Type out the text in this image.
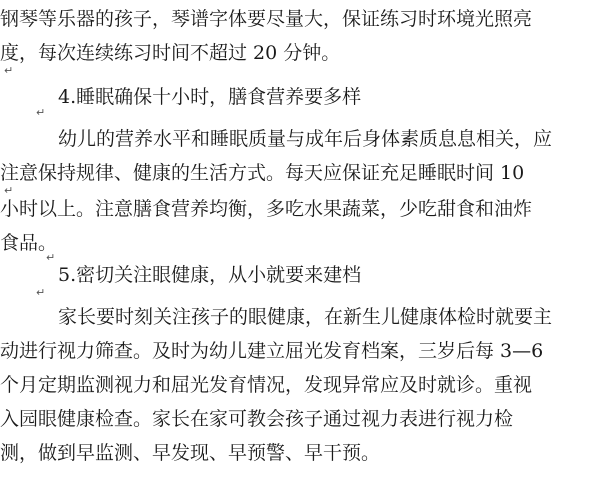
钢琴等乐器的孩子，琴谱字体要尽量大，保证练习时环境光照亮
度，每次连续练习时间不超过 20 分钟。
↵
4.睡眠确保十小时，膳食营养要多样
↵
幼儿的营养水平和睡眠质量与成年后身体素质息息相关，应
注意保持规律、健康的生活方式。每天应保证充足睡眠时间 10
↵
小时以上。注意膳食营养均衡，多吃水果蔬菜，少吃甜食和油炸
食品。
↵
5.密切关注眼健康，从小就要来建档
↵
家长要时刻关注孩子的眼健康，在新生儿健康体检时就要主
动进行视力筛查。及时为幼儿建立屈光发育档案，三岁后每 3—6
个月定期监测视力和屈光发育情况，发现异常应及时就诊。重视
入园眼健康检查。家长在家可教会孩子通过视力表进行视力检
测，做到早监测、早发现、早预警、早干预。
